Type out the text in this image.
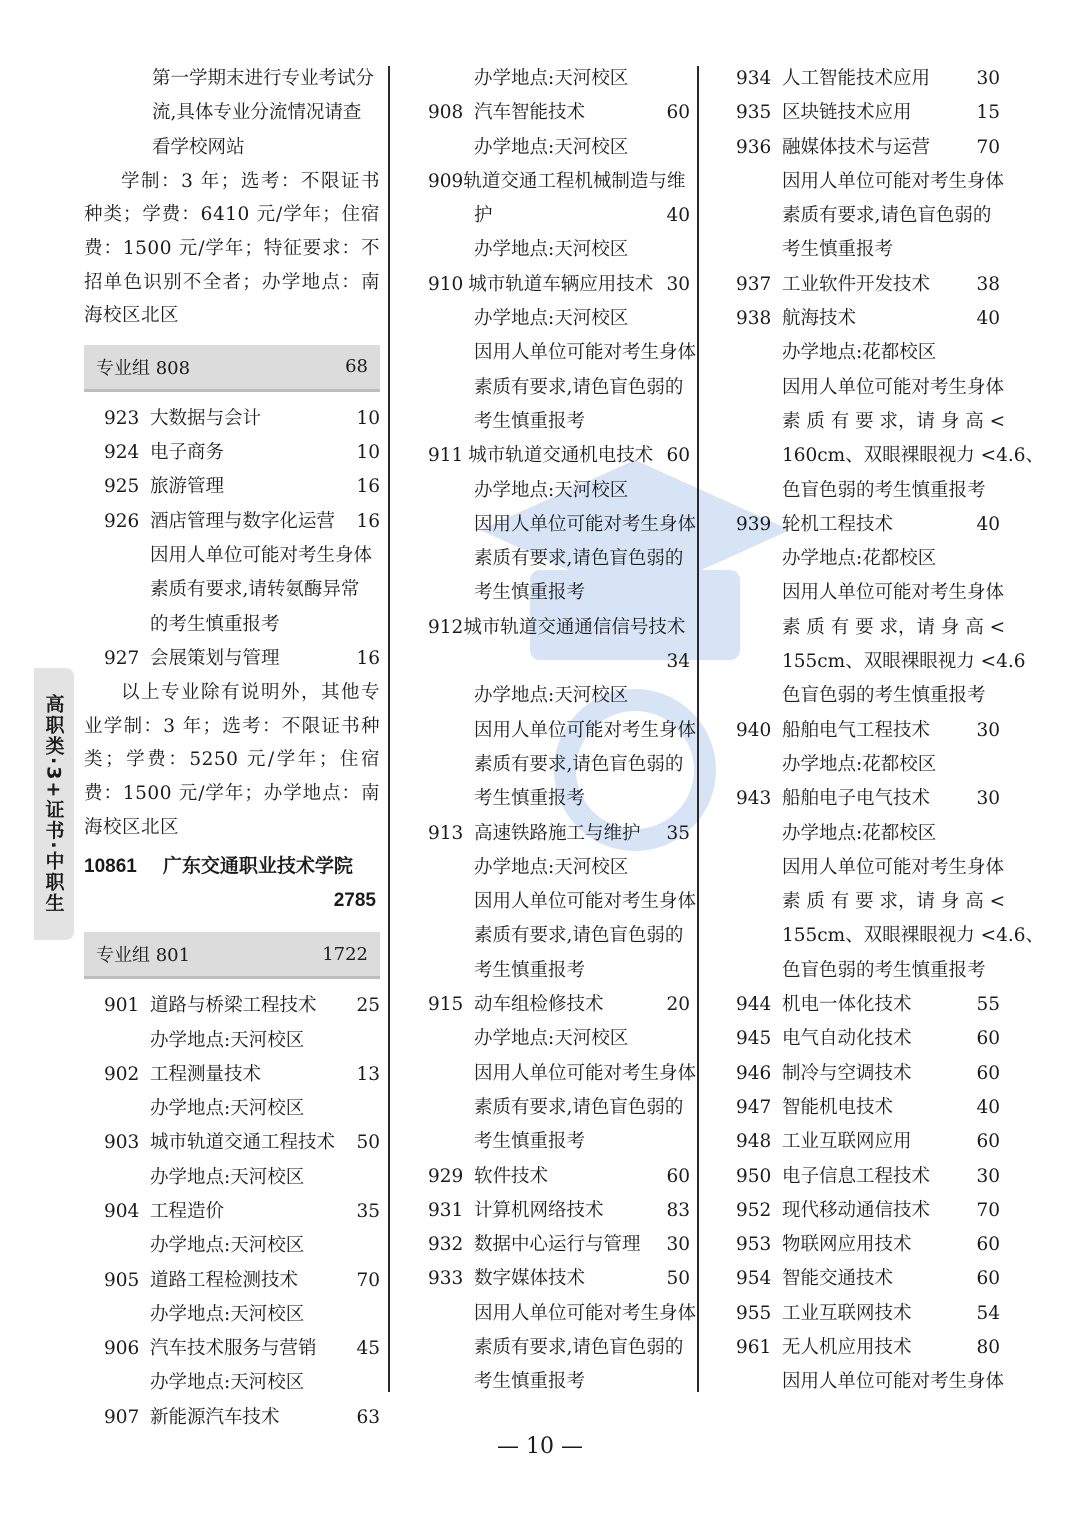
高职类·3+证书·中职生
第一学期末进行专业考试分
流,具体专业分流情况请查
看学校网站
学制：3 年；选考：不限证书种类；学费：6410 元/学年；住宿费：1500 元/学年；特征要求：不招单色识别不全者；办学地点：南海校区北区
专业组 808	68
923 大数据与会计	10
924 电子商务	10
925 旅游管理	16
926 酒店管理与数字化运营	16
因用人单位可能对考生身体
素质有要求,请转氨酶异常
的考生慎重报考
927 会展策划与管理	16
以上专业除有说明外，其他专业学制：3 年；选考：不限证书种类；学费：5250 元/学年；住宿费：1500 元/学年；办学地点：南海校区北区
10861 广东交通职业技术学院
2785
专业组 801	1722
901 道路与桥梁工程技术	25
办学地点:天河校区
902 工程测量技术	13
办学地点:天河校区
903 城市轨道交通工程技术	50
办学地点:天河校区
904 工程造价	35
办学地点:天河校区
905 道路工程检测技术	70
办学地点:天河校区
906 汽车技术服务与营销	45
办学地点:天河校区
907 新能源汽车技术	63
办学地点:天河校区
908 汽车智能技术	60
办学地点:天河校区
909 轨道交通工程机械制造与维
护	40
办学地点:天河校区
910 城市轨道车辆应用技术 30
办学地点:天河校区
因用人单位可能对考生身体
素质有要求,请色盲色弱的
考生慎重报考
911 城市轨道交通机电技术 60
办学地点:天河校区
因用人单位可能对考生身体
素质有要求,请色盲色弱的
考生慎重报考
912 城市轨道交通通信信号技术
34
办学地点:天河校区
因用人单位可能对考生身体
素质有要求,请色盲色弱的
考生慎重报考
913 高速铁路施工与维护	35
办学地点:天河校区
因用人单位可能对考生身体
素质有要求,请色盲色弱的
考生慎重报考
915 动车组检修技术	20
办学地点:天河校区
因用人单位可能对考生身体
素质有要求,请色盲色弱的
考生慎重报考
929 软件技术	60
931 计算机网络技术	83
932 数据中心运行与管理	30
933 数字媒体技术	50
因用人单位可能对考生身体
素质有要求,请色盲色弱的
考生慎重报考
934 人工智能技术应用	30
935 区块链技术应用	15
936 融媒体技术与运营	70
因用人单位可能对考生身体
素质有要求,请色盲色弱的
考生慎重报考
937 工业软件开发技术	38
938 航海技术	40
办学地点:花都校区
因用人单位可能对考生身体
素 质 有 要 求，请 身 高 <
160cm、双眼裸眼视力 <4.6、
色盲色弱的考生慎重报考
939 轮机工程技术	40
办学地点:花都校区
因用人单位可能对考生身体
素 质 有 要 求，请 身 高 <
155cm、双眼裸眼视力 <4.6
色盲色弱的考生慎重报考
940 船舶电气工程技术	30
办学地点:花都校区
943 船舶电子电气技术	30
办学地点:花都校区
因用人单位可能对考生身体
素 质 有 要 求，请 身 高 <
155cm、双眼裸眼视力 <4.6、
色盲色弱的考生慎重报考
944 机电一体化技术	55
945 电气自动化技术	60
946 制冷与空调技术	60
947 智能机电技术	40
948 工业互联网应用	60
950 电子信息工程技术	30
952 现代移动通信技术	70
953 物联网应用技术	60
954 智能交通技术	60
955 工业互联网技术	54
961 无人机应用技术	80
因用人单位可能对考生身体
— 10 —
